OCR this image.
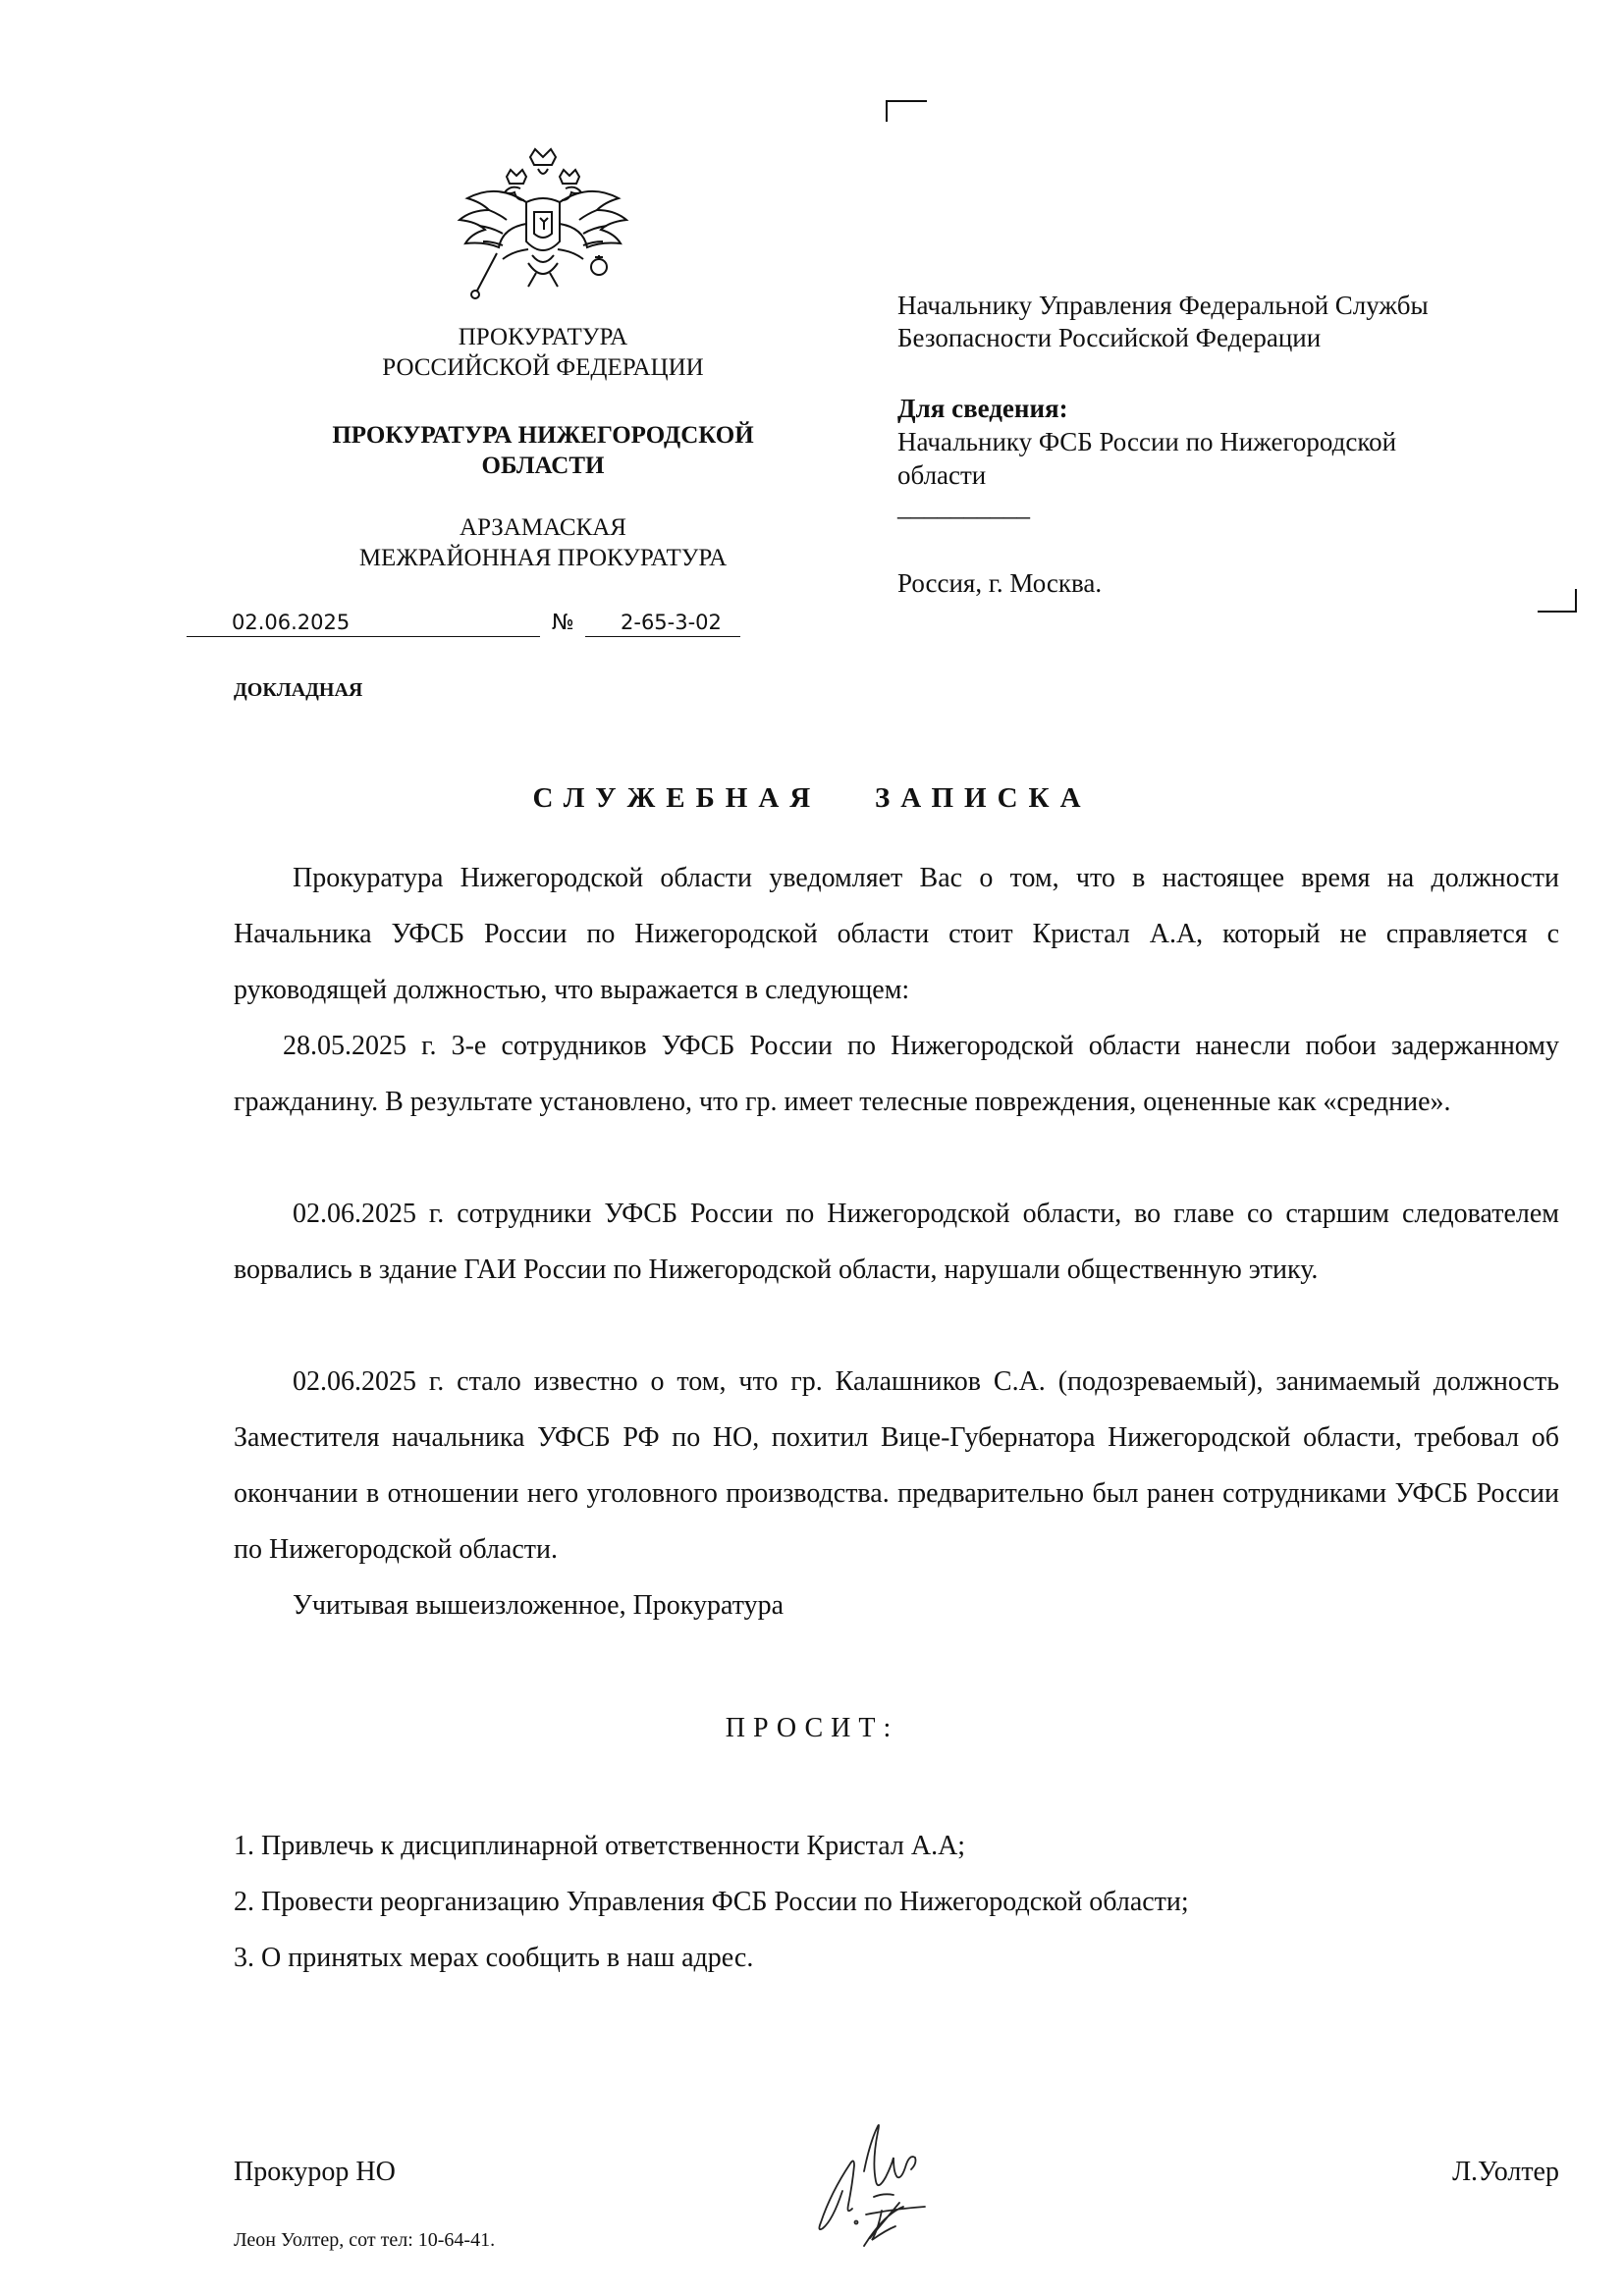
ПРОКУРАТУРА
РОССИЙСКОЙ ФЕДЕРАЦИИ
ПРОКУРАТУРА НИЖЕГОРОДСКОЙ
ОБЛАСТИ
АРЗАМАСКАЯ
МЕЖРАЙОННАЯ ПРОКУРАТУРА
02.06.2025	№ 2-65-3-02
ДОКЛАДНАЯ
Начальнику Управления Федеральной Службы
Безопасности Российской Федерации
Для сведения:
Начальнику ФСБ России по Нижегородской
области
__________
Россия, г. Москва.
СЛУЖЕБНАЯ   ЗАПИСКА
Прокуратура Нижегородской области уведомляет Вас о том, что в настоящее время на должности Начальника УФСБ России по Нижегородской области стоит Кристал А.А, который не справляется с руководящей должностью, что выражается в следующем:
28.05.2025 г. 3-е сотрудников УФСБ России по Нижегородской области нанесли побои задержанному гражданину. В результате установлено, что гр. имеет телесные повреждения, оцененные как «средние».
02.06.2025 г. сотрудники УФСБ России по Нижегородской области, во главе со старшим следователем ворвались в здание ГАИ России по Нижегородской области, нарушали общественную этику.
02.06.2025 г. стало известно о том, что гр. Калашников С.А. (подозреваемый), занимаемый должность Заместителя начальника УФСБ РФ по НО, похитил Вице-Губернатора Нижегородской области, требовал об окончании в отношении него уголовного производства. предварительно был ранен сотрудниками УФСБ России по Нижегородской области.
Учитывая вышеизложенное, Прокуратура
ПРОСИТ:
1. Привлечь к дисциплинарной ответственности Кристал А.А;
2. Провести реорганизацию Управления ФСБ России по Нижегородской области;
3. О принятых мерах сообщить в наш адрес.
Прокурор НО	Л.Уолтер
Леон Уолтер, сот тел: 10-64-41.
